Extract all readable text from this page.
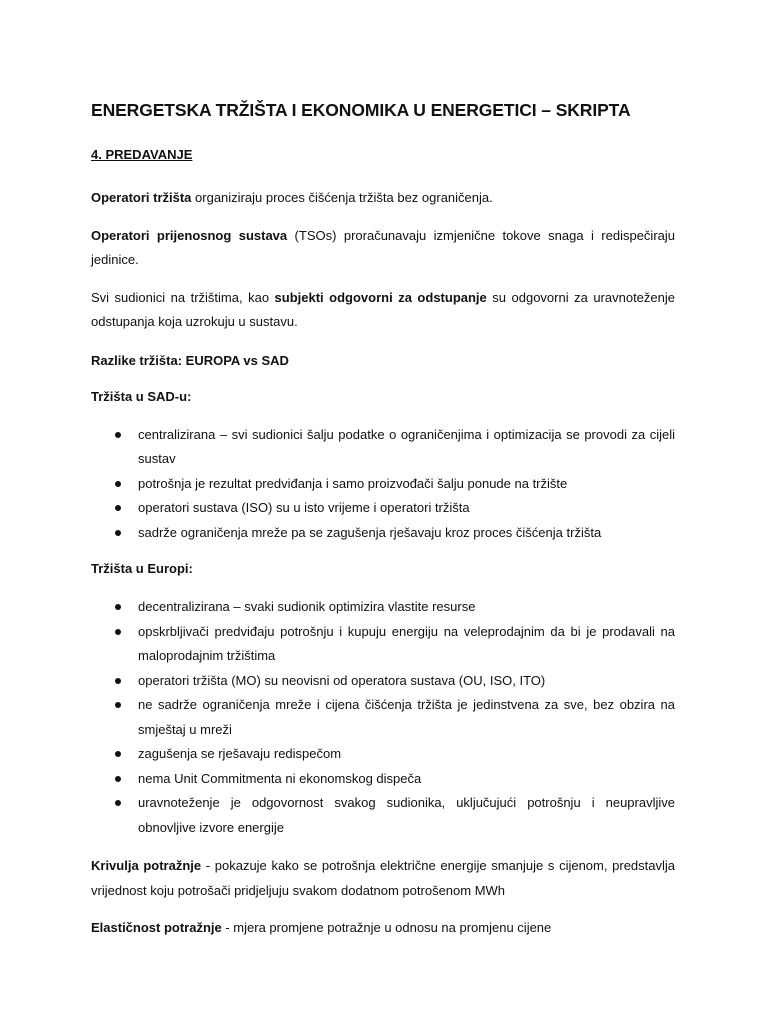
ENERGETSKA TRŽIŠTA I EKONOMIKA U ENERGETICI – SKRIPTA
4. PREDAVANJE

Operatori tržišta organiziraju proces čišćenja tržišta bez ograničenja.

Operatori prijenosnog sustava (TSOs) proračunavaju izmjenične tokove snaga i redispečiraju jedinice.

Svi sudionici na tržištima, kao subjekti odgovorni za odstupanje su odgovorni za uravnoteženje odstupanja koja uzrokuju u sustavu.

Razlike tržišta: EUROPA vs SAD
Tržišta u SAD-u:
centralizirana – svi sudionici šalju podatke o ograničenjima i optimizacija se provodi za cijeli sustav
potrošnja je rezultat predviđanja i samo proizvođači šalju ponude na tržište
operatori sustava (ISO) su u isto vrijeme i operatori tržišta
sadrže ograničenja mreže pa se zagušenja rješavaju kroz proces čišćenja tržišta
Tržišta u Europi:
decentralizirana – svaki sudionik optimizira vlastite resurse
opskrbljivači predviđaju potrošnju i kupuju energiju na veleprodajnim da bi je prodavali na maloprodajnim tržištima
operatori tržišta (MO) su neovisni od operatora sustava (OU, ISO, ITO)
ne sadrže ograničenja mreže i cijena čišćenja tržišta je jedinstvena za sve, bez obzira na smještaj u mreži
zagušenja se rješavaju redispečom
nema Unit Commitmenta ni ekonomskog dispeča
uravnoteženje je odgovornost svakog sudionika, uključujući potrošnju i neupravljive obnovljive izvore energije

Krivulja potražnje - pokazuje kako se potrošnja električne energije smanjuje s cijenom, predstavlja vrijednost koju potrošači pridjeljuju svakom dodatnom potrošenom MWh

Elastičnost potražnje - mjera promjene potražnje u odnosu na promjenu cijene
